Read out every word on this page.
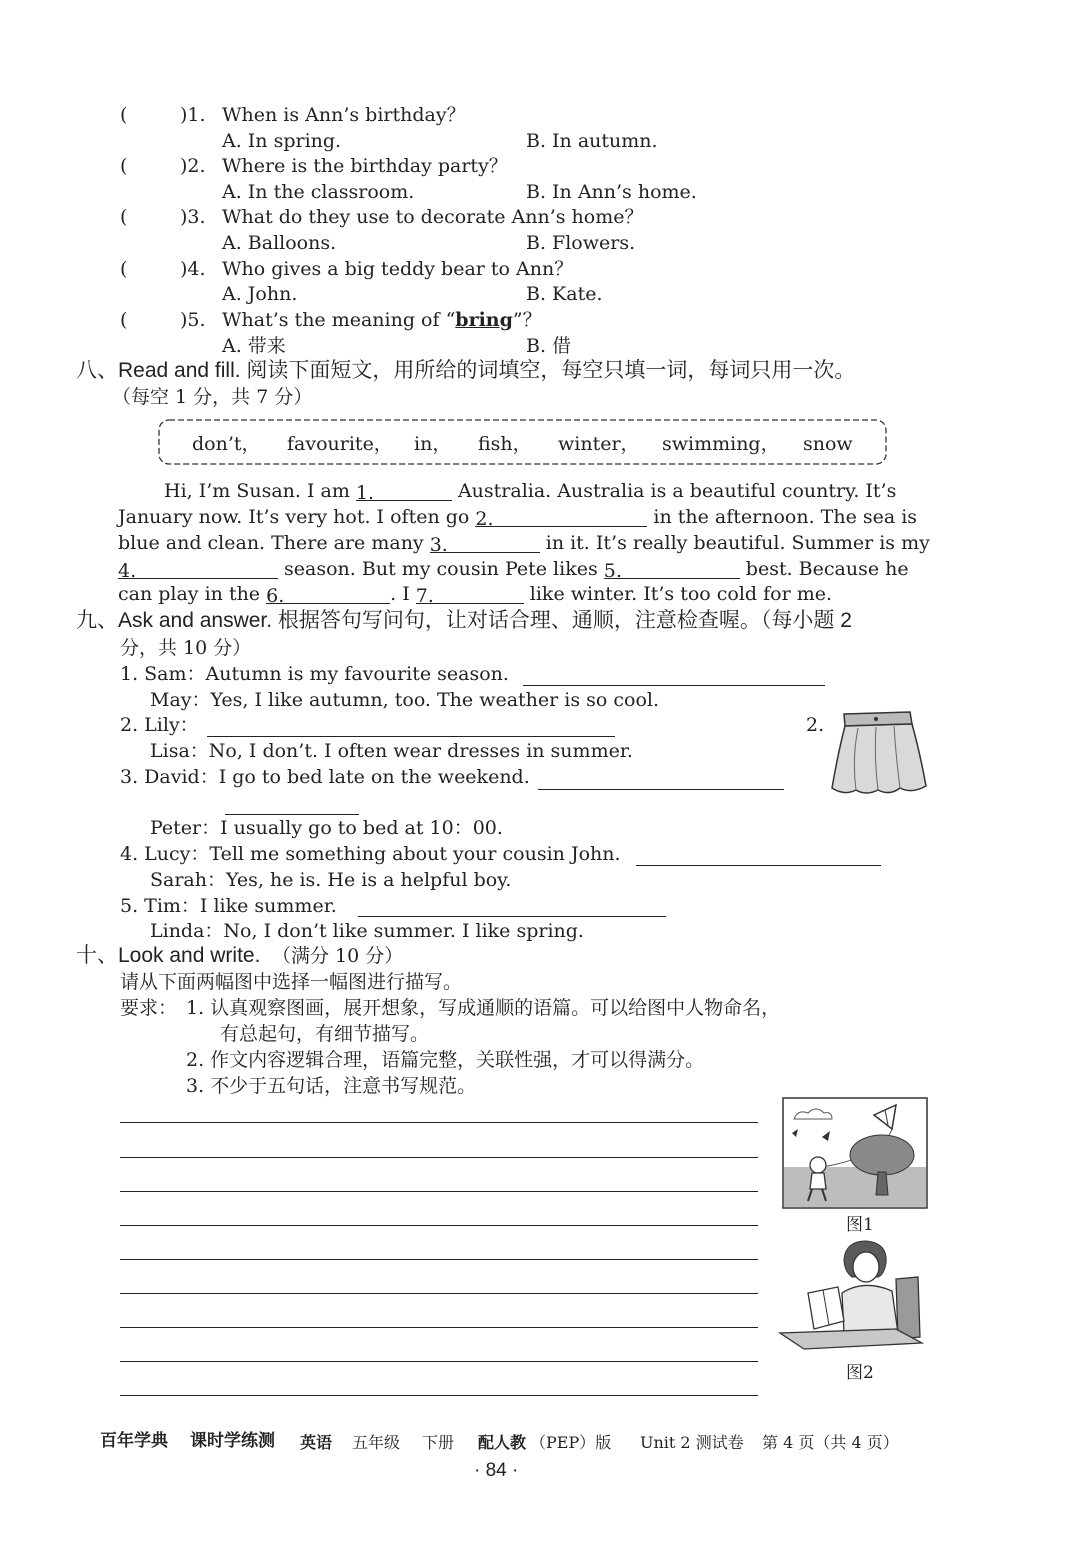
(	)1. When is Ann’s birthday？
A. In spring.	B. In autumn.
(	)2. Where is the birthday party？
A. In the classroom.	B. In Ann’s home.
(	)3. What do they use to decorate Ann’s home？
A. Balloons.	B. Flowers.
(	)4. Who gives a big teddy bear to Ann？
A. John.	B. Kate.
(	)5. What’s the meaning of “bring”？
A. 带来	B. 借
八、Read and fill. 阅读下面短文，用所给的词填空，每空只填一词，每词只用一次。
（每空 1 分，共 7 分）
don’t， favourite， in， fish， winter， swimming， snow
Hi, I’m Susan. I am 1.	Australia. Australia is a beautiful country. It’s
January now. It’s very hot. I often go 2.	in the afternoon. The sea is
blue and clean. There are many 3.	in it. It’s really beautiful. Summer is my
4.	season. But my cousin Pete likes 5.	best. Because he
can play in the 6.	. I 7.	like winter. It’s too cold for me.
九、Ask and answer. 根据答句写问句，让对话合理、通顺，注意检查喔。（每小题 2
分，共 10 分）
1. Sam：Autumn is my favourite season.
May：Yes, I like autumn, too. The weather is so cool.
2. Lily：
Lisa：No, I don’t. I often wear dresses in summer.
3. David：I go to bed late on the weekend.
Peter：I usually go to bed at 10：00.
4. Lucy：Tell me something about your cousin John.
Sarah：Yes, he is. He is a helpful boy.
5. Tim：I like summer.
Linda：No, I don’t like summer. I like spring.
2.
十、Look and write. （满分 10 分）
请从下面两幅图中选择一幅图进行描写。
要求： 1. 认真观察图画，展开想象，写成通顺的语篇。可以给图中人物命名，
有总起句，有细节描写。
2. 作文内容逻辑合理，语篇完整，关联性强，才可以得满分。
3. 不少于五句话，注意书写规范。
图1
图2
百年学典 课时学练测 英语 五年级 下册 配人教 （PEP）版 Unit 2 测试卷 第 4 页（共 4 页）
· 84 ·
